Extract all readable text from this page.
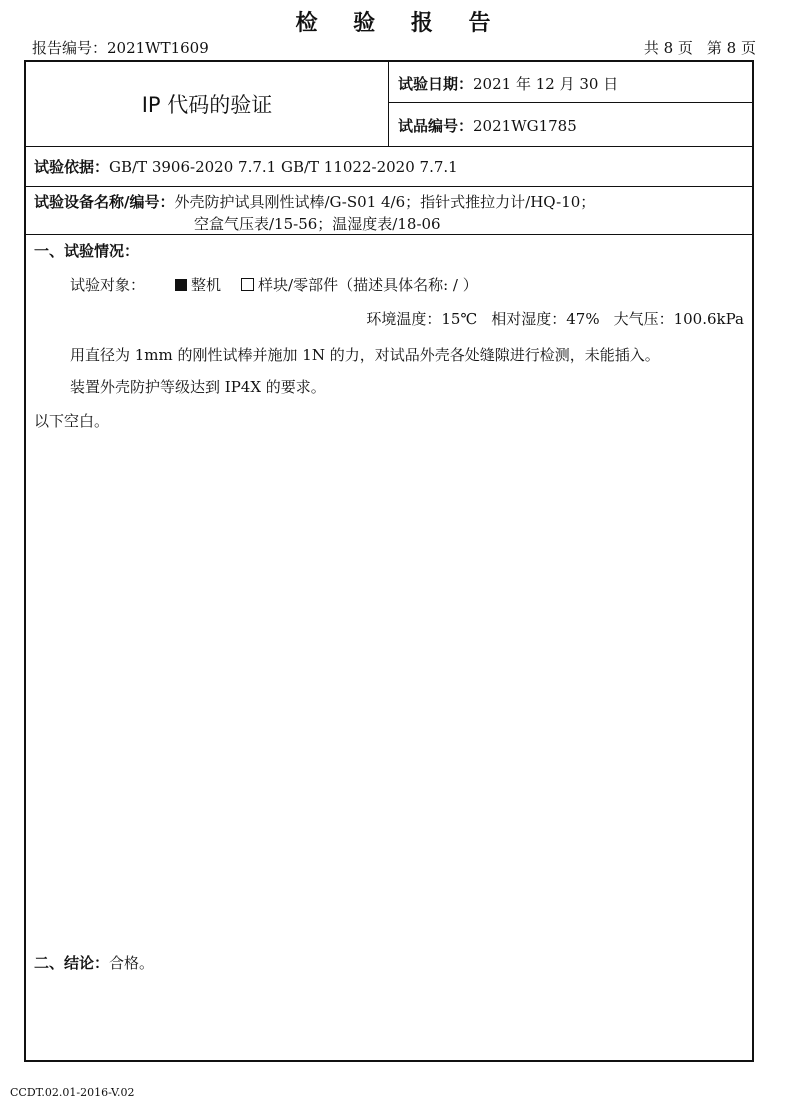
检 验 报 告
报告编号：2021WT1609	共 8 页 第 8 页
IP 代码的验证
试验日期：2021 年 12 月 30 日
试品编号：2021WG1785
试验依据：GB/T 3906-2020 7.7.1 GB/T 11022-2020 7.7.1
试验设备名称/编号：外壳防护试具刚性试棒/G-S01 4/6；指针式推拉力计/HQ-10；
空盒气压表/15-56；温湿度表/18-06
一、试验情况：
试验对象：	整机 样块/零部件（描述具体名称: / ）
环境温度：15℃ 相对湿度：47% 大气压：100.6kPa
用直径为 1mm 的刚性试棒并施加 1N 的力，对试品外壳各处缝隙进行检测，未能插入。
装置外壳防护等级达到 IP4X 的要求。
以下空白。
二、结论：合格。
CCDT.02.01-2016-V.02
